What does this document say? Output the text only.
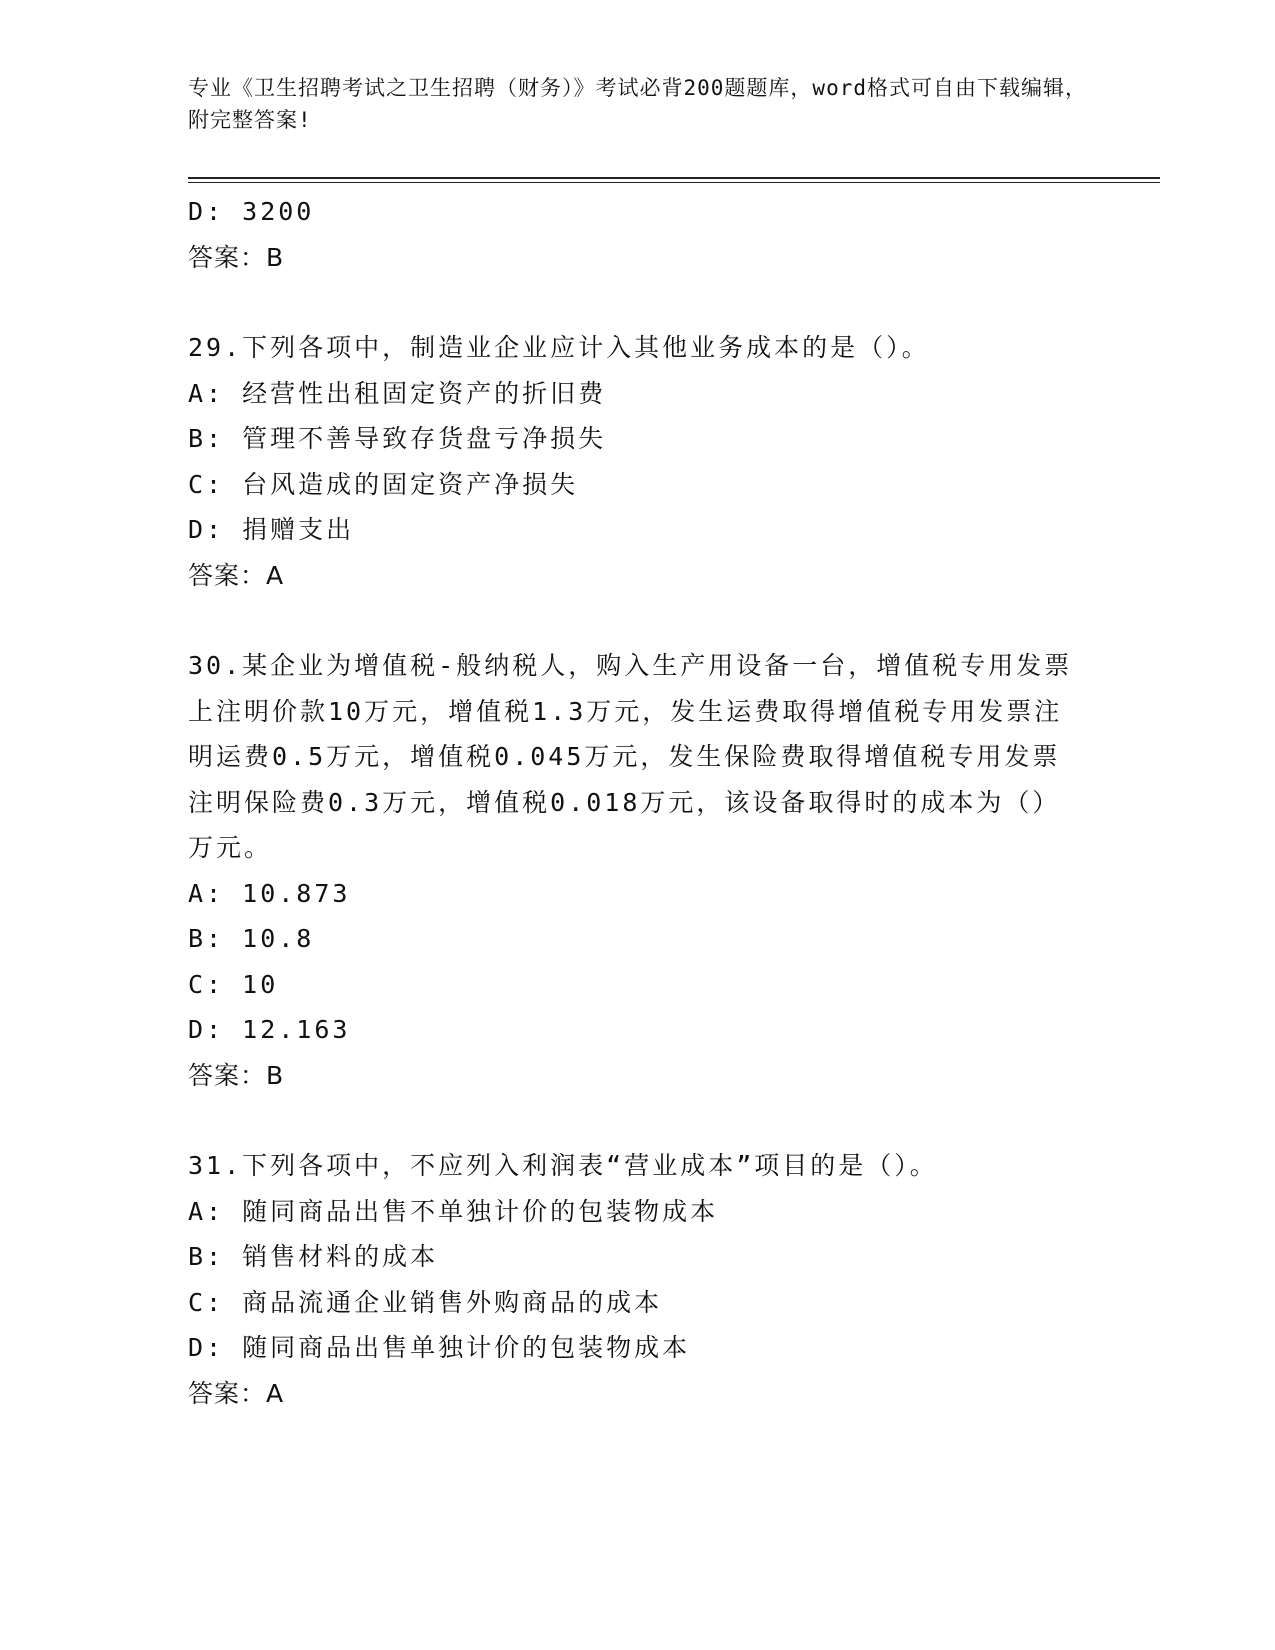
专业《卫生招聘考试之卫生招聘（财务）》考试必背200题题库，word格式可自由下载编辑，附完整答案!
D: 3200
答案：B
29.下列各项中，制造业企业应计入其他业务成本的是（）。
A: 经营性出租固定资产的折旧费
B: 管理不善导致存货盘亏净损失
C: 台风造成的固定资产净损失
D: 捐赠支出
答案：A
30.某企业为增值税-般纳税人，购入生产用设备一台，增值税专用发票上注明价款10万元，增值税1.3万元，发生运费取得增值税专用发票注明运费0.5万元，增值税0.045万元，发生保险费取得增值税专用发票注明保险费0.3万元，增值税0.018万元，该设备取得时的成本为（）万元。
A: 10.873
B: 10.8
C: 10
D: 12.163
答案：B
31.下列各项中，不应列入利润表“营业成本”项目的是（）。
A: 随同商品出售不单独计价的包装物成本
B: 销售材料的成本
C: 商品流通企业销售外购商品的成本
D: 随同商品出售单独计价的包装物成本
答案：A
